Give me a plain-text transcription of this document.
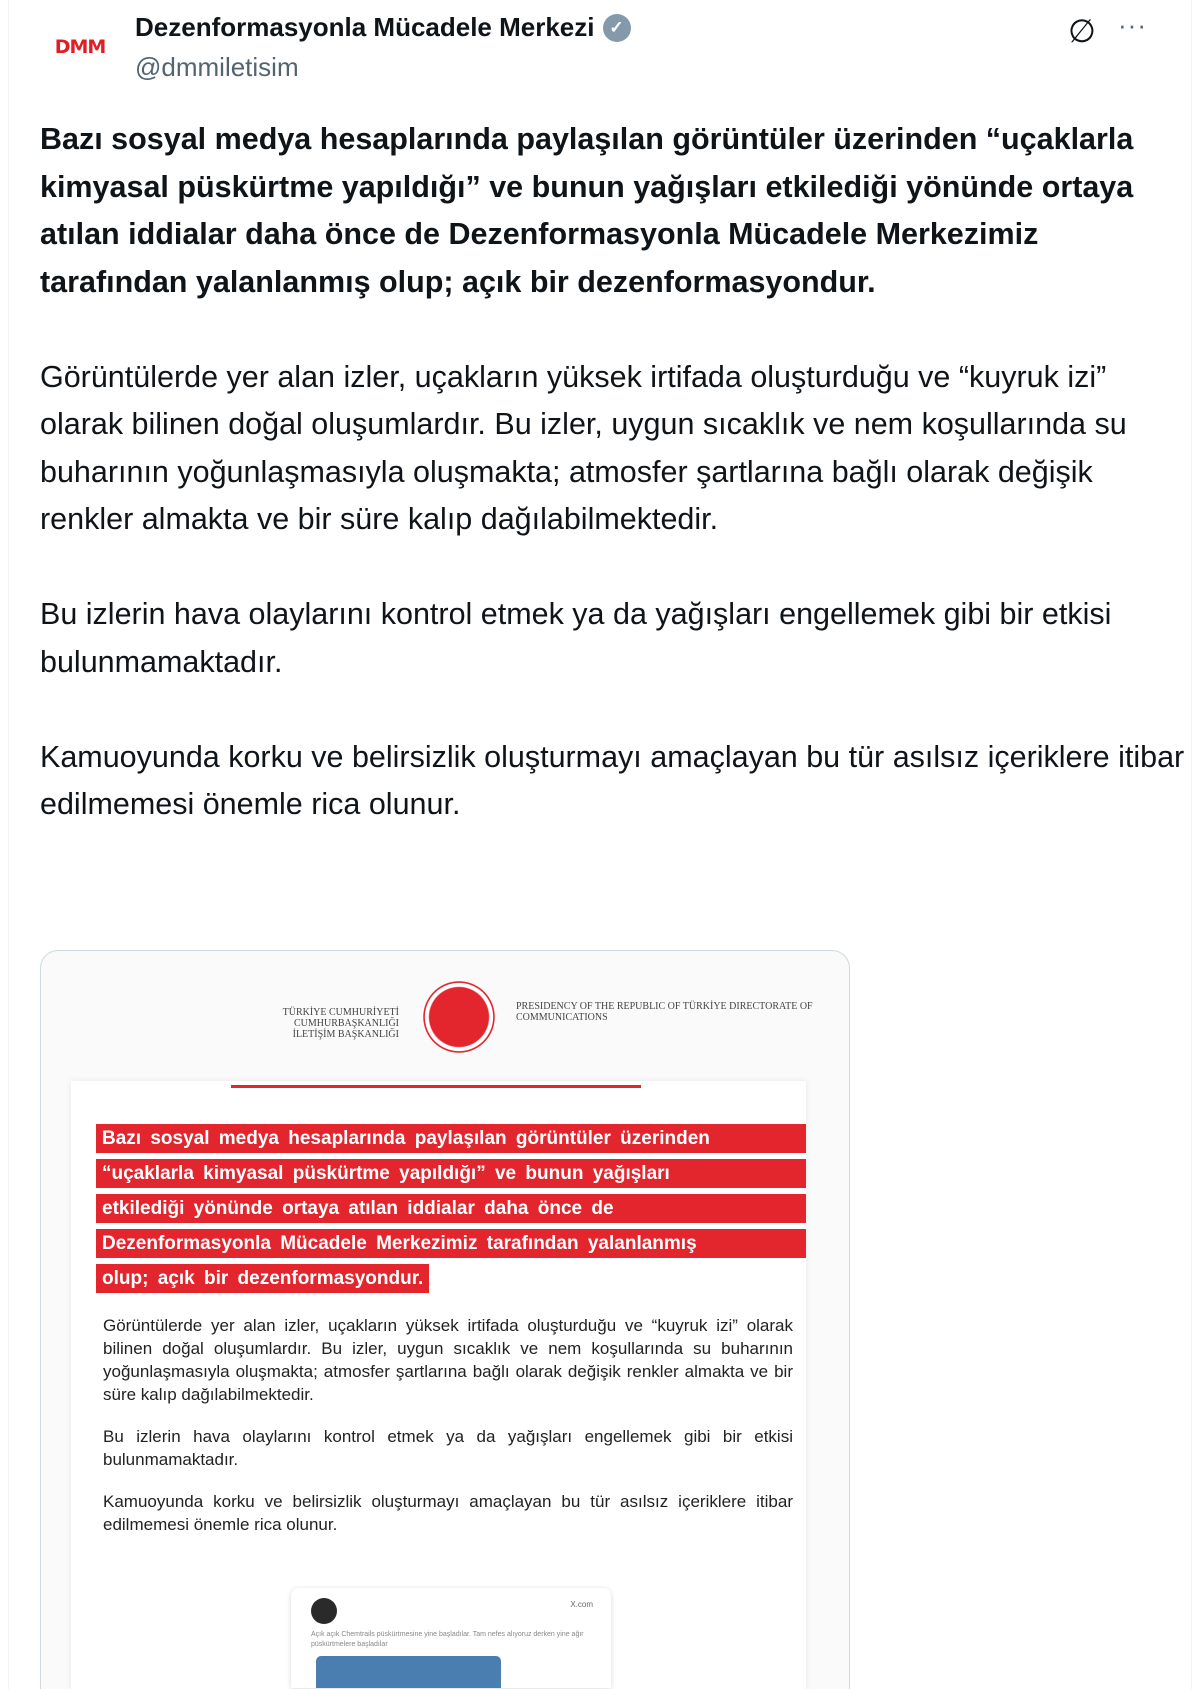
DMM
Dezenformasyonla Mücadele Merkezi ✓
@dmmiletisim
∅ ···

Bazı sosyal medya hesaplarında paylaşılan görüntüler üzerinden “uçaklarla kimyasal püskürtme yapıldığı” ve bunun yağışları etkilediği yönünde ortaya atılan iddialar daha önce de Dezenformasyonla Mücadele Merkezimiz tarafından yalanlanmış olup; açık bir dezenformasyondur.

Görüntülerde yer alan izler, uçakların yüksek irtifada oluşturduğu ve “kuyruk izi” olarak bilinen doğal oluşumlardır. Bu izler, uygun sıcaklık ve nem koşullarında su buharının yoğunlaşmasıyla oluşmakta; atmosfer şartlarına bağlı olarak değişik renkler almakta ve bir süre kalıp dağılabilmektedir.

Bu izlerin hava olaylarını kontrol etmek ya da yağışları engellemek gibi bir etkisi bulunmamaktadır.

Kamuoyunda korku ve belirsizlik oluşturmayı amaçlayan bu tür asılsız içeriklere itibar edilmemesi önemle rica olunur.

TÜRKİYE CUMHURİYETİ CUMHURBAŞKANLIĞI İLETİŞİM BAŞKANLIĞI
PRESIDENCY OF THE REPUBLIC OF TÜRKİYE DIRECTORATE OF COMMUNICATIONS
Bazı sosyal medya hesaplarında paylaşılan görüntüler üzerinden
“uçaklarla kimyasal püskürtme yapıldığı” ve bunun yağışları
etkilediği yönünde ortaya atılan iddialar daha önce de
Dezenformasyonla Mücadele Merkezimiz tarafından yalanlanmış
olup; açık bir dezenformasyondur.

Görüntülerde yer alan izler, uçakların yüksek irtifada oluşturduğu ve “kuyruk izi” olarak bilinen doğal oluşumlardır. Bu izler, uygun sıcaklık ve nem koşullarında su buharının yoğunlaşmasıyla oluşmakta; atmosfer şartlarına bağlı olarak değişik renkler almakta ve bir süre kalıp dağılabilmektedir.

Bu izlerin hava olaylarını kontrol etmek ya da yağışları engellemek gibi bir etkisi bulunmamaktadır.

Kamuoyunda korku ve belirsizlik oluşturmayı amaçlayan bu tür asılsız içeriklere itibar edilmemesi önemle rica olunur.

X.com
Açık açık Chemtrails püskürtmesine yine başladılar. Tam nefes alıyoruz derken yine ağır püskürtmelere başladılar
